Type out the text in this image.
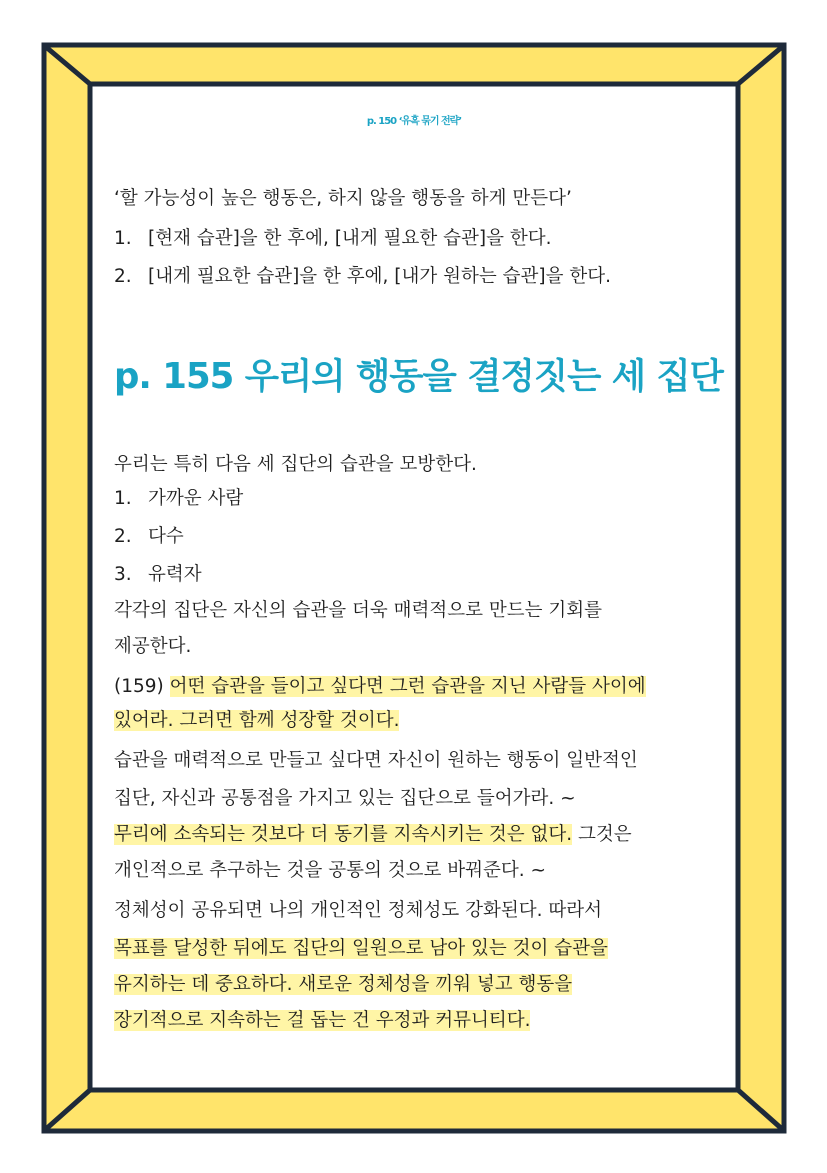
p. 150 ‘유혹 묶기 전략’
‘할 가능성이 높은 행동은, 하지 않을 행동을 하게 만든다’
1. [현재 습관]을 한 후에, [내게 필요한 습관]을 한다.
2. [내게 필요한 습관]을 한 후에, [내가 원하는 습관]을 한다.
p. 155 우리의 행동을 결정짓는 세 집단
우리는 특히 다음 세 집단의 습관을 모방한다.
1. 가까운 사람
2. 다수
3. 유력자
각각의 집단은 자신의 습관을 더욱 매력적으로 만드는 기회를
제공한다.
(159) 어떤 습관을 들이고 싶다면 그런 습관을 지닌 사람들 사이에
있어라. 그러면 함께 성장할 것이다.
습관을 매력적으로 만들고 싶다면 자신이 원하는 행동이 일반적인
집단, 자신과 공통점을 가지고 있는 집단으로 들어가라. ~
무리에 소속되는 것보다 더 동기를 지속시키는 것은 없다. 그것은
개인적으로 추구하는 것을 공통의 것으로 바꿔준다. ~
정체성이 공유되면 나의 개인적인 정체성도 강화된다. 따라서
목표를 달성한 뒤에도 집단의 일원으로 남아 있는 것이 습관을
유지하는 데 중요하다. 새로운 정체성을 끼워 넣고 행동을
장기적으로 지속하는 걸 돕는 건 우정과 커뮤니티다.
